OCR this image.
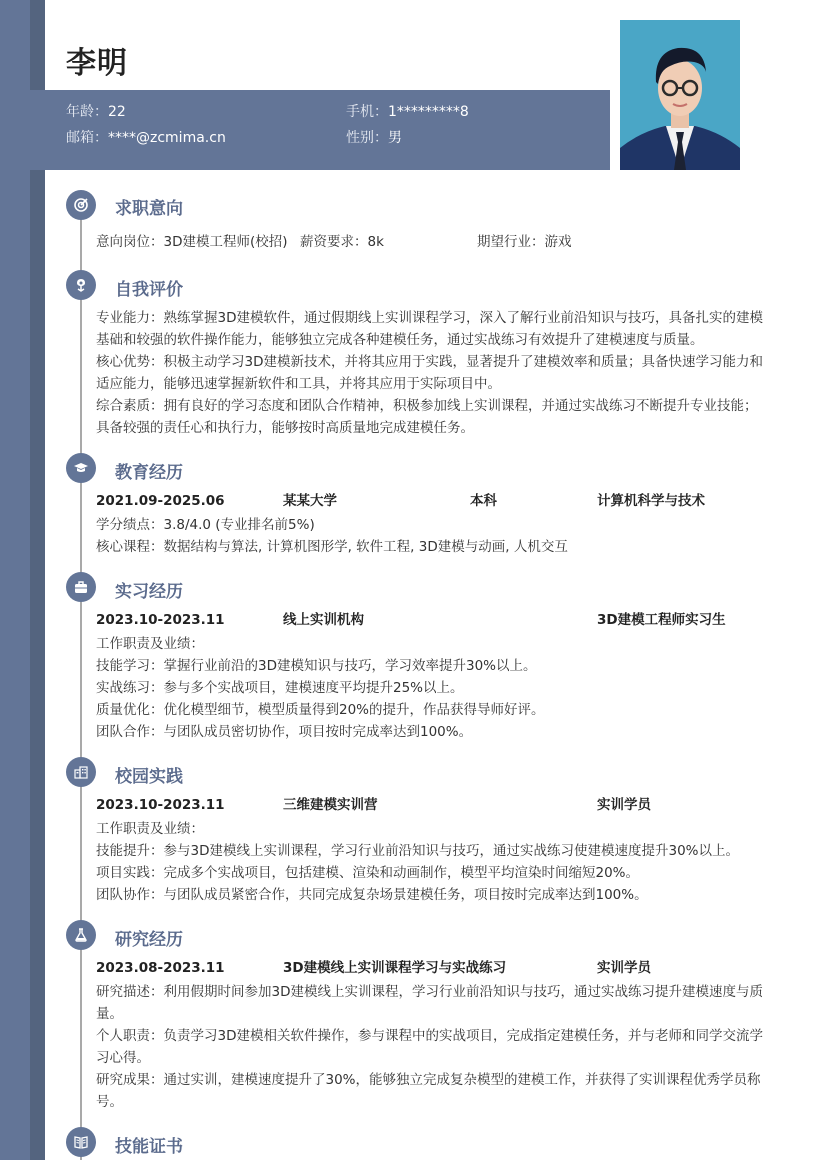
李明
年龄：22	手机：1*********8
邮箱：****@zcmima.cn	性别：男
求职意向
意向岗位：3D建模工程师(校招) 薪资要求：8k	期望行业：游戏
自我评价
专业能力：熟练掌握3D建模软件，通过假期线上实训课程学习，深入了解行业前沿知识与技巧，具备扎实的建模基础和较强的软件操作能力，能够独立完成各种建模任务，通过实战练习有效提升了建模速度与质量。
核心优势：积极主动学习3D建模新技术，并将其应用于实践，显著提升了建模效率和质量；具备快速学习能力和适应能力，能够迅速掌握新软件和工具，并将其应用于实际项目中。
综合素质：拥有良好的学习态度和团队合作精神，积极参加线上实训课程，并通过实战练习不断提升专业技能；具备较强的责任心和执行力，能够按时高质量地完成建模任务。
教育经历
2021.09-2025.06	某某大学	本科	计算机科学与技术
学分绩点：3.8/4.0 (专业排名前5%)
核心课程：数据结构与算法, 计算机图形学, 软件工程, 3D建模与动画, 人机交互
实习经历
2023.10-2023.11	线上实训机构	3D建模工程师实习生
工作职责及业绩：
技能学习：掌握行业前沿的3D建模知识与技巧，学习效率提升30%以上。
实战练习：参与多个实战项目，建模速度平均提升25%以上。
质量优化：优化模型细节，模型质量得到20%的提升，作品获得导师好评。
团队合作：与团队成员密切协作，项目按时完成率达到100%。
校园实践
2023.10-2023.11	三维建模实训营	实训学员
工作职责及业绩：
技能提升：参与3D建模线上实训课程，学习行业前沿知识与技巧，通过实战练习使建模速度提升30%以上。
项目实践：完成多个实战项目，包括建模、渲染和动画制作，模型平均渲染时间缩短20%。
团队协作：与团队成员紧密合作，共同完成复杂场景建模任务，项目按时完成率达到100%。
研究经历
2023.08-2023.11	3D建模线上实训课程学习与实战练习	实训学员
研究描述：利用假期时间参加3D建模线上实训课程，学习行业前沿知识与技巧，通过实战练习提升建模速度与质量。
个人职责：负责学习3D建模相关软件操作，参与课程中的实战项目，完成指定建模任务，并与老师和同学交流学习心得。
研究成果：通过实训，建模速度提升了30%，能够独立完成复杂模型的建模工作，并获得了实训课程优秀学员称号。
技能证书
